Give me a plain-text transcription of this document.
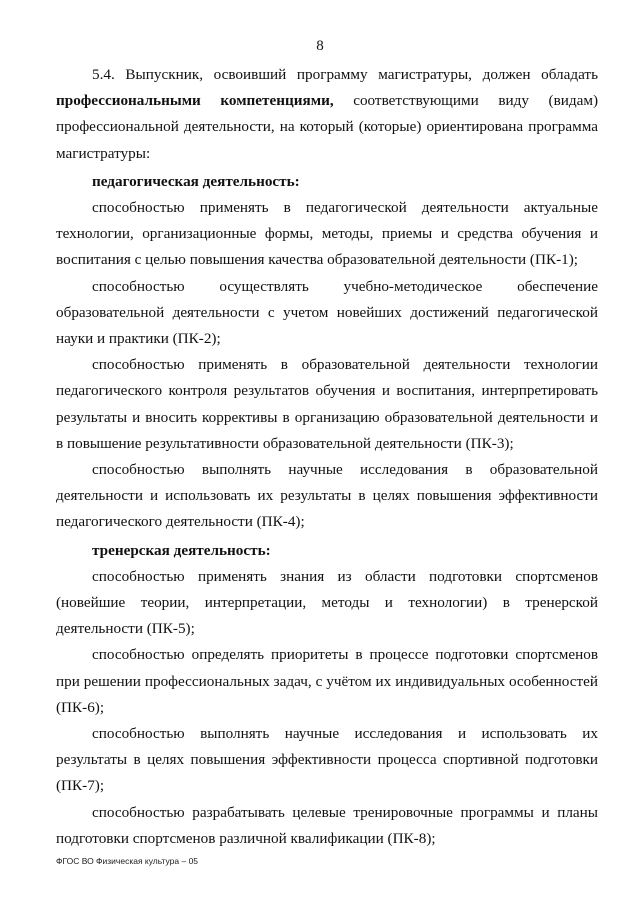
8

5.4. Выпускник, освоивший программу магистратуры, должен обладать профессиональными компетенциями, соответствующими виду (видам) профессиональной деятельности, на который (которые) ориентирована программа магистратуры:

педагогическая деятельность:

способностью применять в педагогической деятельности актуальные технологии, организационные формы, методы, приемы и средства обучения и воспитания с целью повышения качества образовательной деятельности (ПК-1);

способностью осуществлять учебно-методическое обеспечение образовательной деятельности с учетом новейших достижений педагогической науки и практики (ПК-2);

способностью применять в образовательной деятельности технологии педагогического контроля результатов обучения и воспитания, интерпретировать результаты и вносить коррективы в организацию образовательной деятельности и в повышение результативности образовательной деятельности (ПК-3);

способностью выполнять научные исследования в образовательной деятельности и использовать их результаты в целях повышения эффективности педагогического деятельности (ПК-4);

тренерская деятельность:

способностью применять знания из области подготовки спортсменов (новейшие теории, интерпретации, методы и технологии) в тренерской деятельности (ПК-5);

способностью определять приоритеты в процессе подготовки спортсменов при решении профессиональных задач, с учётом их индивидуальных особенностей (ПК-6);

способностью выполнять научные исследования и использовать их результаты в целях повышения эффективности процесса спортивной подготовки (ПК-7);

способностью разрабатывать целевые тренировочные программы и планы подготовки спортсменов различной квалификации (ПК-8);

ФГОС ВО Физическая культура – 05
